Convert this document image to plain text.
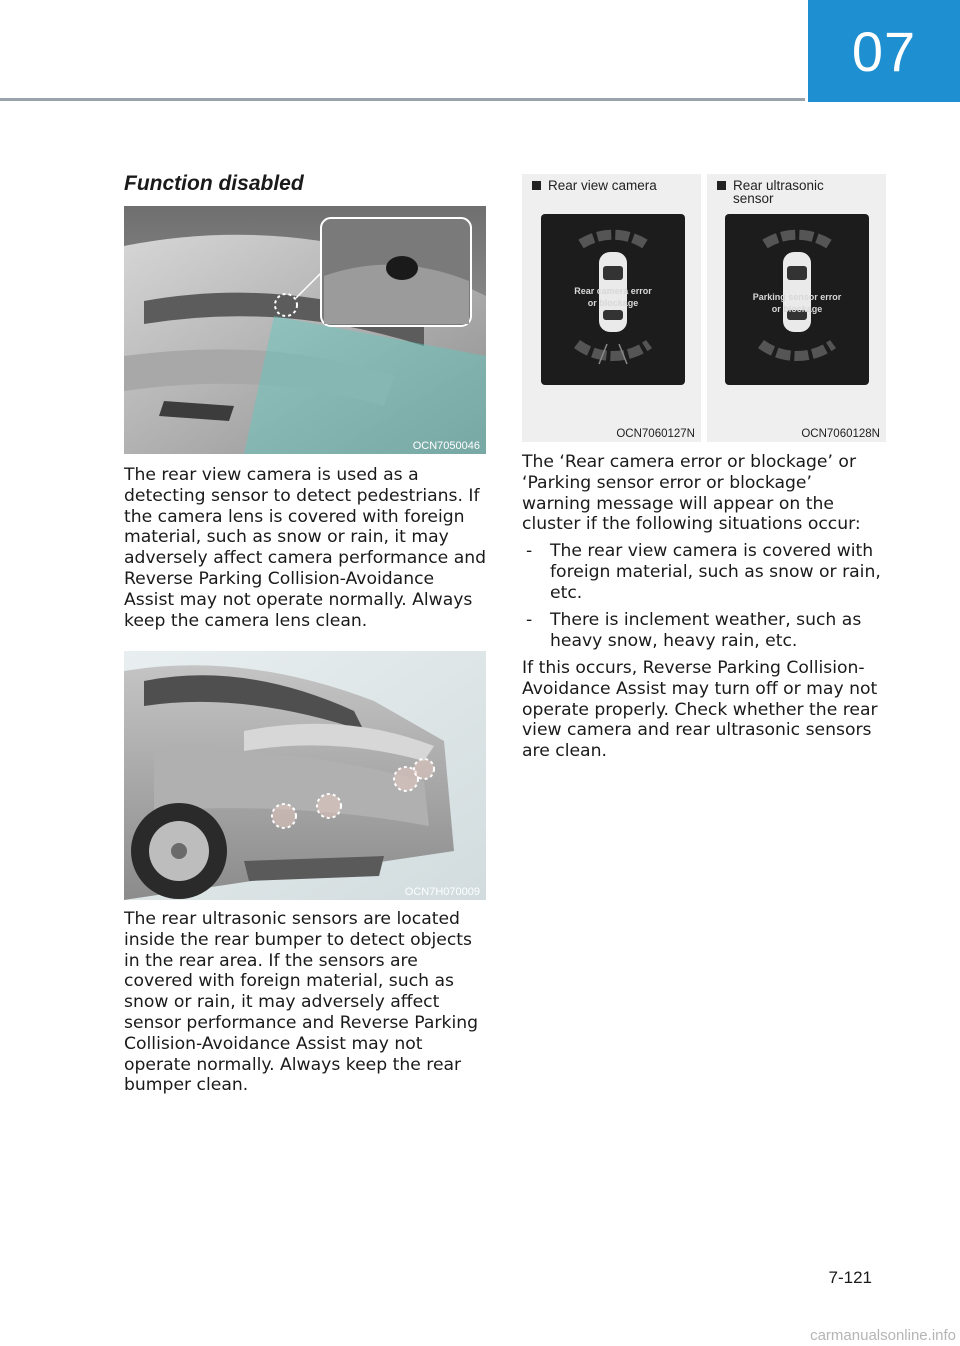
07
Function disabled
OCN7050046

The rear view camera is used as a detecting sensor to detect pedestrians. If the camera lens is covered with foreign material, such as snow or rain, it may adversely affect camera performance and Reverse Parking Collision-Avoidance Assist may not operate normally. Always keep the camera lens clean.

OCN7H070009

The rear ultrasonic sensors are located inside the rear bumper to detect objects in the rear area. If the sensors are covered with foreign material, such as snow or rain, it may adversely affect sensor performance and Reverse Parking Collision-Avoidance Assist may not operate normally. Always keep the rear bumper clean.

Rear view camera
Rear camera error
or blockage
OCN7060127N
Rear ultrasonic
sensor
Parking sensor error
or blockage
OCN7060128N

The ‘Rear camera error or blockage’ or ‘Parking sensor error or blockage’ warning message will appear on the cluster if the following situations occur:

- The rear view camera is covered with foreign material, such as snow or rain, etc.
- There is inclement weather, such as heavy snow, heavy rain, etc.

If this occurs, Reverse Parking Collision-Avoidance Assist may turn off or may not operate properly. Check whether the rear view camera and rear ultrasonic sensors are clean.

7-121
carmanualsonline.info
